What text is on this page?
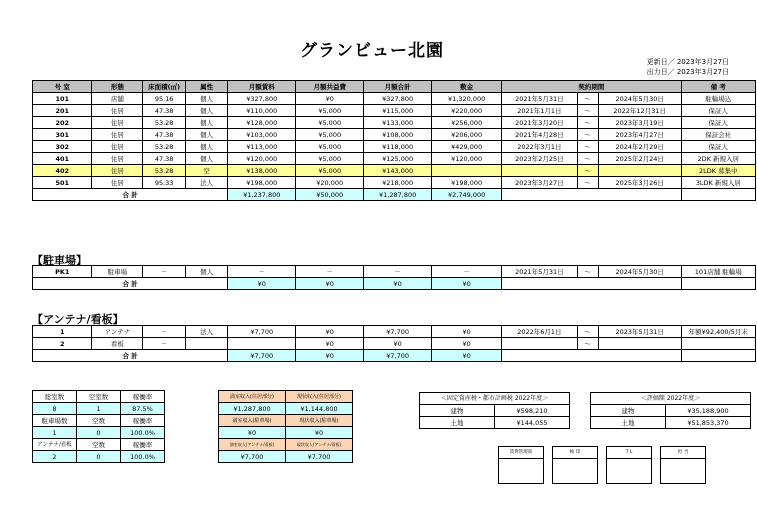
グランビュー北園
更新日／ 2023年3月27日
出力日／ 2023年3月27日
号 室	形態	床面積(㎡)	属性	月額賃料	月額共益費	月額合計	敷金	契約期間			備 考
101	店舗	95.16	個人	¥327,800	¥0	¥327,800	¥1,320,000	2021年5月31日	～	2024年5月30日	駐輪場込
201	住居	47.38	個人	¥110,000	¥5,000	¥115,000	¥220,000	2021年1月1日	～	2022年12月31日	保証人
202	住居	53.28	個人	¥128,000	¥5,000	¥133,000	¥256,000	2021年3月20日	～	2023年3月19日	保証人
301	住居	47.38	個人	¥103,000	¥5,000	¥108,000	¥206,000	2021年4月28日	～	2023年4月27日	保証会社
302	住居	53.28	個人	¥113,000	¥5,000	¥118,000	¥429,000	2022年3月1日	～	2024年2月29日	保証人
401	住居	47.38	個人	¥120,000	¥5,000	¥125,000	¥120,000	2023年2月25日	～	2025年2月24日	2DK 新規入居
402	住居	53.28	空	¥138,000	¥5,000	¥143,000			～		2LDK 募集中
501	住居	95.33	法人	¥198,000	¥20,000	¥218,000	¥198,000	2023年3月27日	～	2025年3月26日	3LDK 新規入居
合 計				¥1,237,800	¥50,000	¥1,287,800	¥2,749,000				
【駐車場】
PK1	駐車場	－	個人	－	－	－	－	2021年5月31日	～	2024年5月30日	101店舗 駐輪場
合 計				¥0	¥0	¥0	¥0				
【アンテナ/看板】
1	アンテナ	－	法人	¥7,700	¥0	¥7,700	¥0	2022年6月1日	～	2023年5月31日	年額¥92,400/5月末
2	看板	－			¥0	¥0	¥0		～		
合 計				¥7,700	¥0	¥7,700	¥0				
総室数	空室数	稼働率
8	1	87.5%
駐車場数	空数	稼働率
1	0	100.0%
アンテナ/看板	空数	稼働率
2	0	100.0%
満室収入(住居部分)	現状収入(住居部分)
¥1,287,800	¥1,144,800
満室収入(駐車場)	現状収入(駐車場)
¥0	¥0
満室収入(アンテナ/看板)	現状収入(アンテナ/看板)
¥7,700	¥7,700
＜固定資産税・都市計画税 2022年度＞	
建物	¥598,210
土地	¥144,055
＜評価額 2022年度＞	
建物	¥35,188,900
土地	¥51,853,370
賃貸管理部		検 印		T L		担 当
